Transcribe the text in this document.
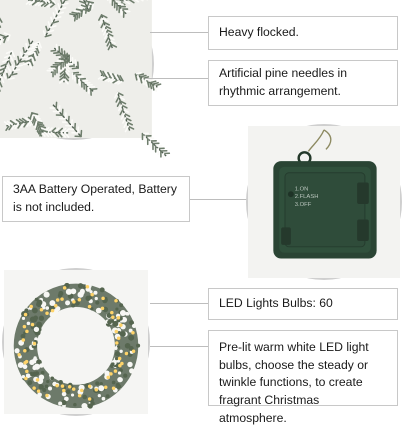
Heavy flocked.
Artificial pine needles in rhythmic arrangement.
3AA Battery Operated, Battery is not included.
1.ON
2.FLASH
3.OFF
LED Lights Bulbs: 60
Pre-lit warm white LED light bulbs, choose the steady or twinkle functions, to create fragrant Christmas atmosphere.
